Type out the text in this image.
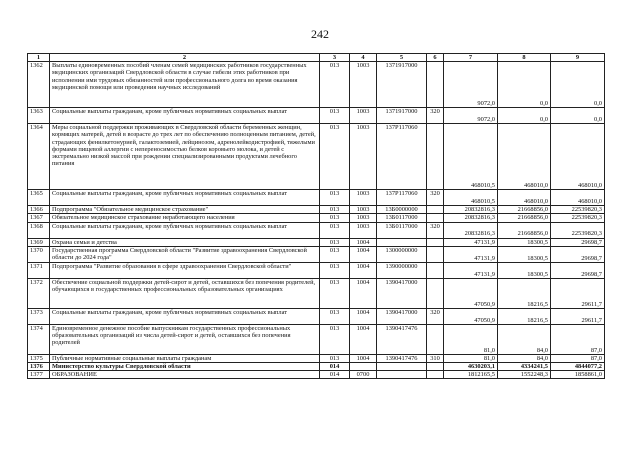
242
1	2	3	4	5	6	7	8	9
1362	Выплаты единовременных пособий членам семей медицинских работников государственных медицинских организаций Свердловской области в случае гибели этих работников при исполнении ими трудовых обязанностей или профессионального долга во время оказания медицинской помощи или проведения научных исследований	013	1003	1371917000		9072,0	0,0	0,0
1363	Социальные выплаты гражданам, кроме публичных нормативных социальных выплат	013	1003	1371917000	320	9072,0	0,0	0,0
1364	Меры социальной поддержки проживающих в Свердловской области беременных женщин, кормящих матерей, детей в возрасте до трех лет по обеспечению полноценным питанием, детей, страдающих фенилкетонурией, галактоземией, лейцинозом, адренолейкодистрофией, тяжелыми формами пищевой аллергии с непереносимостью белков коровьего молока, и детей с экстремально низкой массой при рождении специализированными продуктами лечебного питания	013	1003	137P117060		468010,5	468010,0	468010,0
1365	Социальные выплаты гражданам, кроме публичных нормативных социальных выплат	013	1003	137P117060	320	468010,5	468010,0	468010,0
1366	Подпрограмма "Обязательное медицинское страхование"	013	1003	13Б0000000		20832816,3	21668856,0	22539820,3
1367	Обязательное медицинское страхование неработающего населения	013	1003	13Б0117000		20832816,3	21668856,0	22539820,3
1368	Социальные выплаты гражданам, кроме публичных нормативных социальных выплат	013	1003	13Б0117000	320	20832816,3	21668856,0	22539820,3
1369	Охрана семьи и детства	013	1004			47131,9	18300,5	29698,7
1370	Государственная программа Свердловской области "Развитие здравоохранения Свердловской области до 2024 года"	013	1004	1300000000		47131,9	18300,5	29698,7
1371	Подпрограмма "Развитие образования в сфере здравоохранения Свердловской области"	013	1004	1390000000		47131,9	18300,5	29698,7
1372	Обеспечение социальной поддержки детей-сирот и детей, оставшихся без попечения родителей, обучающихся в государственных профессиональных образовательных организациях	013	1004	1390417000		47050,9	18216,5	29611,7
1373	Социальные выплаты гражданам, кроме публичных нормативных социальных выплат	013	1004	1390417000	320	47050,9	18216,5	29611,7
1374	Единовременное денежное пособие выпускникам государственных профессиональных образовательных организаций из числа детей-сирот и детей, оставшихся без попечения родителей	013	1004	1390417476		81,0	84,0	87,0
1375	Публичные нормативные социальные выплаты гражданам	013	1004	1390417476	310	81,0	84,0	87,0
1376	Министерство культуры Свердловской области	014				4630203,1	4334241,5	4844077,2
1377	ОБРАЗОВАНИЕ	014	0700			1812165,5	1552248,3	1858861,0
